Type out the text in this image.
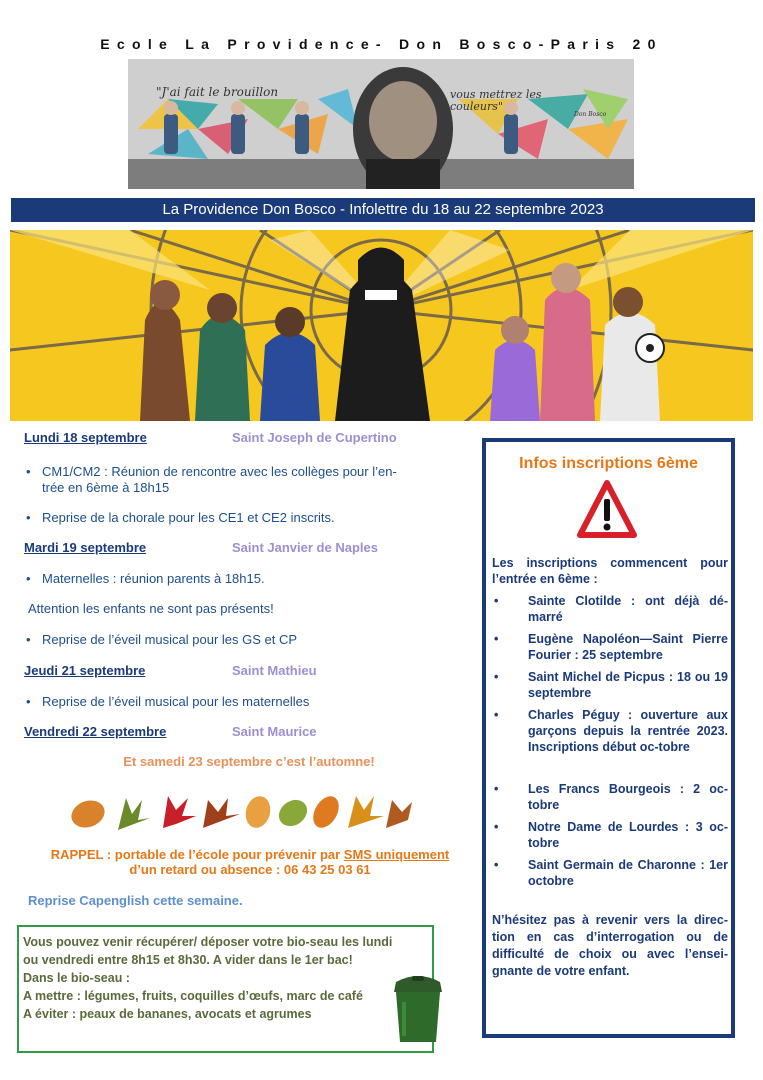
Ecole La Providence- Don Bosco-Paris 20
"J'ai fait le brouillon	vous mettrez les couleurs"
Don Bosco
La Providence Don Bosco - Infolettre du 18 au 22 septembre 2023
Lundi 18 septembre	Saint Joseph de Cupertino
• CM1/CM2 : Réunion de rencontre avec les collèges pour l’en-
trée en 6ème à 18h15
• Reprise de la chorale pour les CE1 et CE2 inscrits.
Mardi 19 septembre	Saint Janvier de Naples
• Maternelles : réunion parents à 18h15.
Attention les enfants ne sont pas présents!
• Reprise de l’éveil musical pour les GS et CP
Jeudi 21 septembre	Saint Mathieu
• Reprise de l’éveil musical pour les maternelles
Vendredi 22 septembre	Saint Maurice
Et samedi 23 septembre c’est l’automne!
RAPPEL : portable de l’école pour prévenir par SMS uniquement
d’un retard ou absence : 06 43 25 03 61
Reprise Capenglish cette semaine.
Vous pouvez venir récupérer/ déposer votre bio-seau les lundi
ou vendredi entre 8h15 et 8h30. A vider dans le 1er bac!
Dans le bio-seau :
A mettre : légumes, fruits, coquilles d’œufs, marc de café
A éviter : peaux de bananes, avocats et agrumes
Infos inscriptions 6ème
Les inscriptions commencent pour l’entrée en 6ème :
•	Sainte Clotilde : ont déjà dé-marré
•	Eugène Napoléon—Saint Pierre Fourier : 25 septembre
•	Saint Michel de Picpus : 18 ou 19 septembre
•	Charles Péguy : ouverture aux garçons depuis la rentrée 2023. Inscriptions début oc-tobre
•	Les Francs Bourgeois : 2 oc-tobre
•	Notre Dame de Lourdes : 3 oc-tobre
•	Saint Germain de Charonne : 1er octobre
N’hésitez pas à revenir vers la direc-tion en cas d’interrogation ou de difficulté de choix ou avec l’ensei-gnante de votre enfant.
